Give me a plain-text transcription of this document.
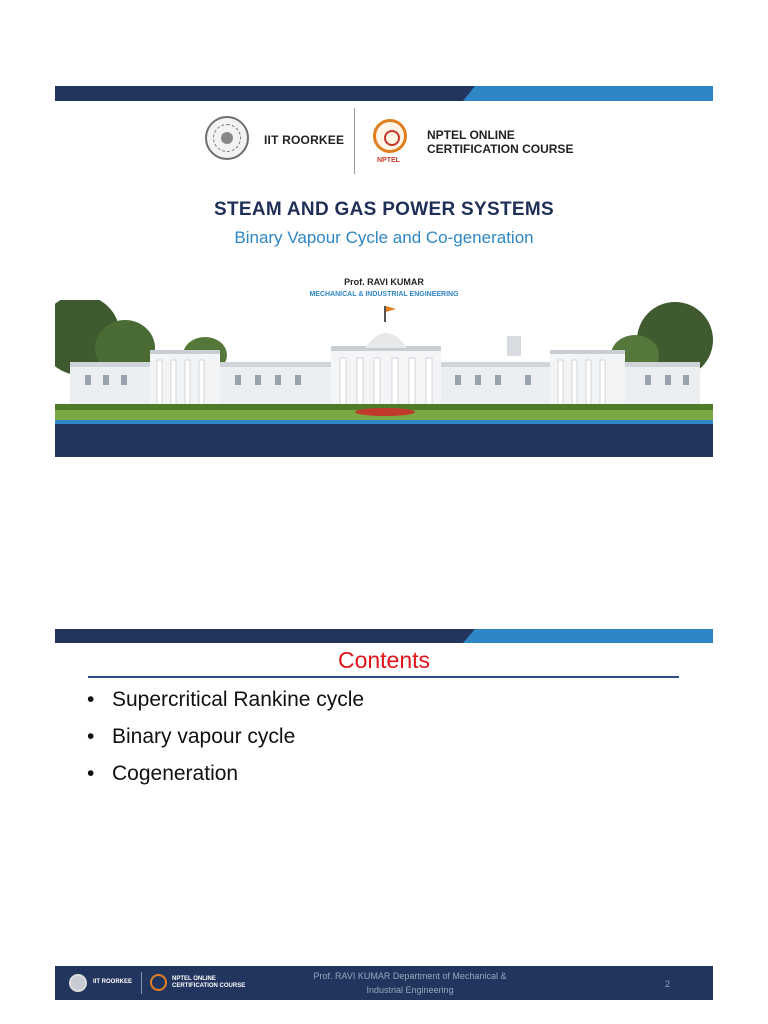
IIT ROORKEE
NPTEL
NPTEL ONLINE
CERTIFICATION COURSE
STEAM AND GAS POWER SYSTEMS
Binary Vapour Cycle and Co-generation
Prof. RAVI KUMAR
MECHANICAL & INDUSTRIAL ENGINEERING
Contents
• Supercritical Rankine cycle
• Binary vapour cycle
• Cogeneration
IIT ROORKEE	NPTEL ONLINE
CERTIFICATION COURSE
Prof. RAVI KUMAR Department of Mechanical &
Industrial Engineering
2
